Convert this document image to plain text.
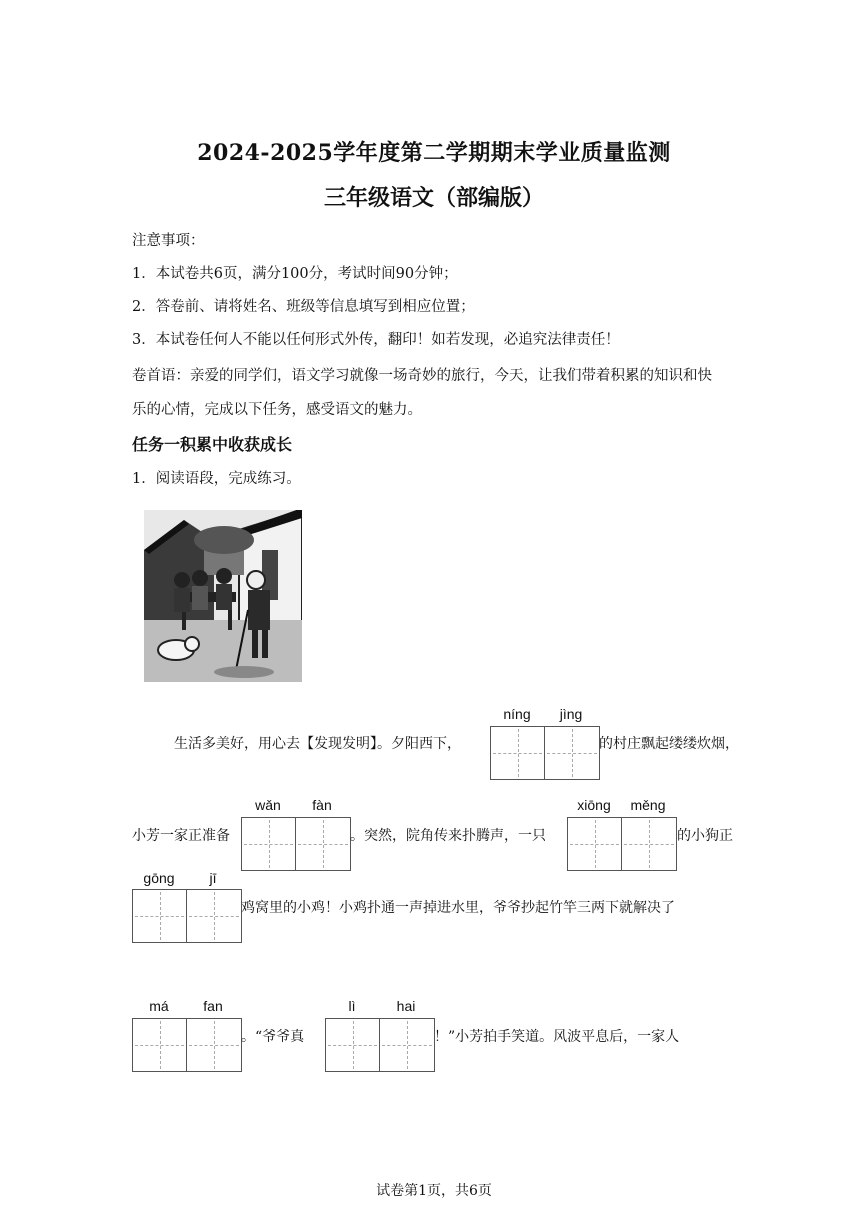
2024-2025学年度第二学期期末学业质量监测
三年级语文（部编版）
注意事项：
1．本试卷共6页，满分100分，考试时间90分钟；
2．答卷前、请将姓名、班级等信息填写到相应位置；
3．本试卷任何人不能以任何形式外传，翻印！如若发现，必追究法律责任！
卷首语：亲爱的同学们，语文学习就像一场奇妙的旅行，今天，让我们带着积累的知识和快
乐的心情，完成以下任务，感受语文的魅力。
任务一积累中收获成长
1．阅读语段，完成练习。
生活多美好，用心去【发现发明】。夕阳西下，
níng	jìng
的村庄飘起缕缕炊烟，
小芳一家正准备
wǎn	fàn
。突然，院角传来扑腾声，一只
xiōng	měng
的小狗正
gōng	jī
鸡窝里的小鸡！小鸡扑通一声掉进水里，爷爷抄起竹竿三两下就解决了
má	fan
。“爷爷真
lì	hai
！”小芳拍手笑道。风波平息后，一家人
试卷第1页，共6页
